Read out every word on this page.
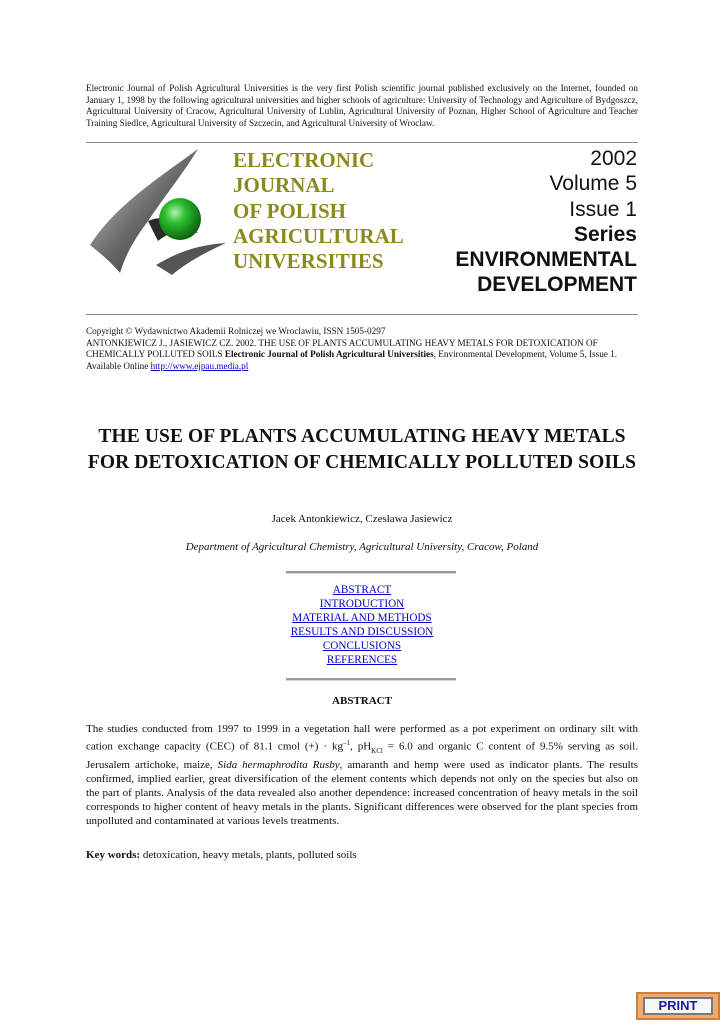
Electronic Journal of Polish Agricultural Universities is the very first Polish scientific journal published exclusively on the Internet, founded on January 1, 1998 by the following agricultural universities and higher schools of agriculture: University of Technology and Agriculture of Bydgoszcz, Agricultural University of Cracow, Agricultural University of Lublin, Agricultural University of Poznan, Higher School of Agriculture and Teacher Training Siedlce, Agricultural University of Szczecin, and Agricultural University of Wroclaw.
ELECTRONIC
JOURNAL
OF POLISH
AGRICULTURAL
UNIVERSITIES
2002
Volume 5
Issue 1
Series
ENVIRONMENTAL
DEVELOPMENT
Copyright © Wydawnictwo Akademii Rolniczej we Wroclawiu, ISSN 1505-0297
ANTONKIEWICZ J., JASIEWICZ CZ. 2002. THE USE OF PLANTS ACCUMULATING HEAVY METALS FOR DETOXICATION OF CHEMICALLY POLLUTED SOILS Electronic Journal of Polish Agricultural Universities, Environmental Development, Volume 5, Issue 1.
Available Online http://www.ejpau.media.pl
THE USE OF PLANTS ACCUMULATING HEAVY METALS FOR DETOXICATION OF CHEMICALLY POLLUTED SOILS
Jacek Antonkiewicz, Czesława Jasiewicz
Department of Agricultural Chemistry, Agricultural University, Cracow, Poland
ABSTRACT
INTRODUCTION
MATERIAL AND METHODS
RESULTS AND DISCUSSION
CONCLUSIONS
REFERENCES
ABSTRACT
The studies conducted from 1997 to 1999 in a vegetation hall were performed as a pot experiment on ordinary silt with cation exchange capacity (CEC) of 81.1 cmol (+) · $kg^{-1}$, $pH_{KCl} = 6.0$ and organic C content of 9.5% serving as soil. Jerusalem artichoke, maize, Sida hermaphrodita Rusby, amaranth and hemp were used as indicator plants. The results confirmed, implied earlier, great diversification of the element contents which depends not only on the species but also on the part of plants. Analysis of the data revealed also another dependence: increased concentration of heavy metals in the soil corresponds to higher content of heavy metals in the plants. Significant differences were observed for the plant species from unpolluted and contaminated at various levels treatments.
Key words: detoxication, heavy metals, plants, polluted soils
PRINT
